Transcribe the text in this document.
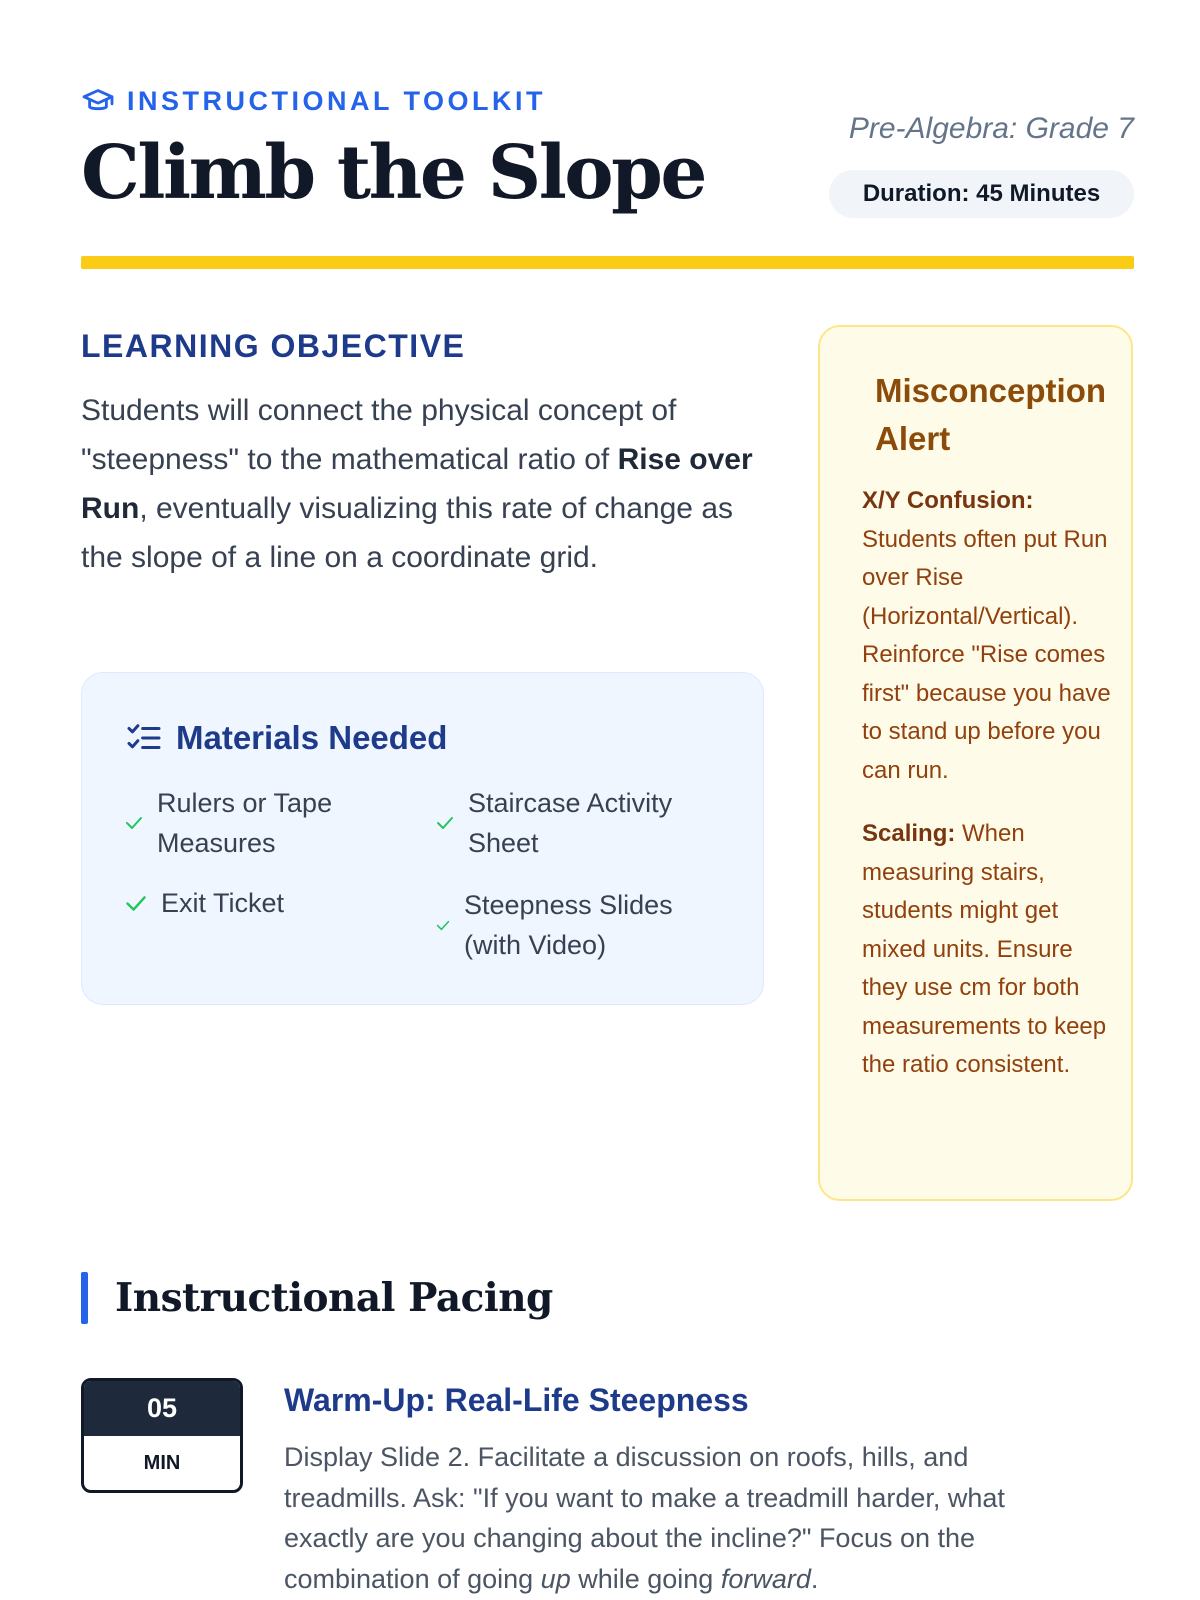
INSTRUCTIONAL TOOLKIT
Climb the Slope
Pre-Algebra: Grade 7
Duration: 45 Minutes
LEARNING OBJECTIVE

Students will connect the physical concept of "steepness" to the mathematical ratio of Rise over Run, eventually visualizing this rate of change as the slope of a line on a coordinate grid.

Materials Needed
Rulers or Tape Measures
Staircase Activity Sheet
Exit Ticket	Steepness Slides (with Video)
Misconception Alert

X/Y Confusion:
Students often put Run over Rise (Horizontal/Vertical). Reinforce "Rise comes first" because you have to stand up before you can run.

Scaling: When measuring stairs, students might get mixed units. Ensure they use cm for both measurements to keep the ratio consistent.

Instructional Pacing
05
MIN
Warm-Up: Real-Life Steepness

Display Slide 2. Facilitate a discussion on roofs, hills, and treadmills. Ask: "If you want to make a treadmill harder, what exactly are you changing about the incline?" Focus on the combination of going up while going forward.
